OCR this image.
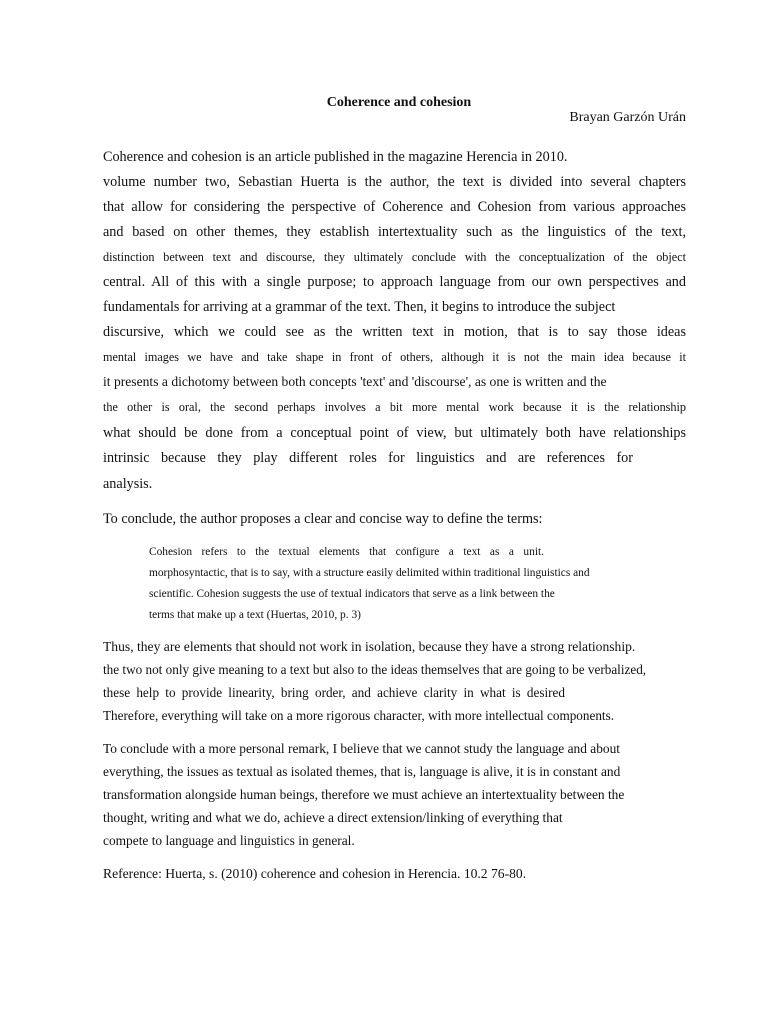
Coherence and cohesion
Brayan Garzón Urán
Coherence and cohesion is an article published in the magazine Herencia in 2010.
volume number two, Sebastian Huerta is the author, the text is divided into several chapters
that allow for considering the perspective of Coherence and Cohesion from various approaches
and based on other themes, they establish intertextuality such as the linguistics of the text,
distinction between text and discourse, they ultimately conclude with the conceptualization of the object
central. All of this with a single purpose; to approach language from our own perspectives and
fundamentals for arriving at a grammar of the text. Then, it begins to introduce the subject
discursive, which we could see as the written text in motion, that is to say those ideas
mental images we have and take shape in front of others, although it is not the main idea because it
it presents a dichotomy between both concepts 'text' and 'discourse', as one is written and the
the other is oral, the second perhaps involves a bit more mental work because it is the relationship
what should be done from a conceptual point of view, but ultimately both have relationships
intrinsic because they play different roles for linguistics and are references for
analysis.
To conclude, the author proposes a clear and concise way to define the terms:
Cohesion refers to the textual elements that configure a text as a unit.
morphosyntactic, that is to say, with a structure easily delimited within traditional linguistics and
scientific. Cohesion suggests the use of textual indicators that serve as a link between the
terms that make up a text (Huertas, 2010, p. 3)
Thus, they are elements that should not work in isolation, because they have a strong relationship.
the two not only give meaning to a text but also to the ideas themselves that are going to be verbalized,
these help to provide linearity, bring order, and achieve clarity in what is desired
Therefore, everything will take on a more rigorous character, with more intellectual components.
To conclude with a more personal remark, I believe that we cannot study the language and about
everything, the issues as textual as isolated themes, that is, language is alive, it is in constant and
transformation alongside human beings, therefore we must achieve an intertextuality between the
thought, writing and what we do, achieve a direct extension/linking of everything that
compete to language and linguistics in general.
Reference: Huerta, s. (2010) coherence and cohesion in Herencia. 10.2 76-80.
